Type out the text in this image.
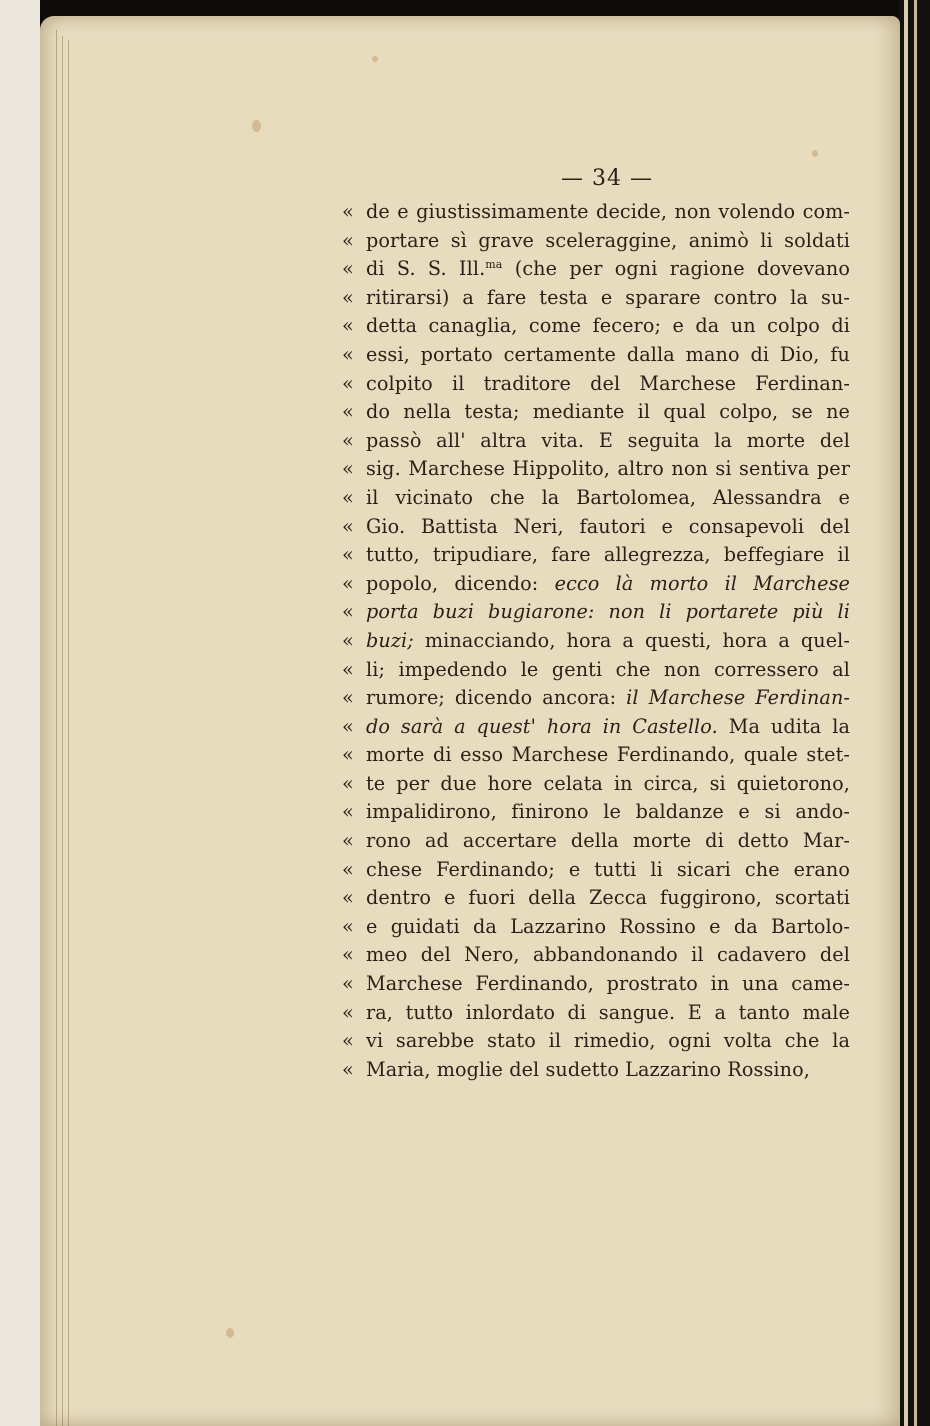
— 34 —
« de e giustissimamente decide, non volendo com-
« portare sì grave sceleraggine, animò li soldati
« di S. S. Ill.$^{ma}$ (che per ogni ragione dovevano
« ritirarsi) a fare testa e sparare contro la su-
« detta canaglia, come fecero; e da un colpo di
« essi, portato certamente dalla mano di Dio, fu
« colpito il traditore del Marchese Ferdinan-
« do nella testa; mediante il qual colpo, se ne
« passò all' altra vita. E seguita la morte del
« sig. Marchese Hippolito, altro non si sentiva per
« il vicinato che la Bartolomea, Alessandra e
« Gio. Battista Neri, fautori e consapevoli del
« tutto, tripudiare, fare allegrezza, beffegiare il
« popolo, dicendo: ecco là morto il Marchese
« porta buzi bugiarone: non li portarete più li
« buzi; minacciando, hora a questi, hora a quel-
« li; impedendo le genti che non corressero al
« rumore; dicendo ancora: il Marchese Ferdinan-
« do sarà a quest' hora in Castello. Ma udita la
« morte di esso Marchese Ferdinando, quale stet-
« te per due hore celata in circa, si quietorono,
« impalidirono, finirono le baldanze e si ando-
« rono ad accertare della morte di detto Mar-
« chese Ferdinando; e tutti li sicari che erano
« dentro e fuori della Zecca fuggirono, scortati
« e guidati da Lazzarino Rossino e da Bartolo-
« meo del Nero, abbandonando il cadavero del
« Marchese Ferdinando, prostrato in una came-
« ra, tutto inlordato di sangue. E a tanto male
« vi sarebbe stato il rimedio, ogni volta che la
« Maria, moglie del sudetto Lazzarino Rossino,
